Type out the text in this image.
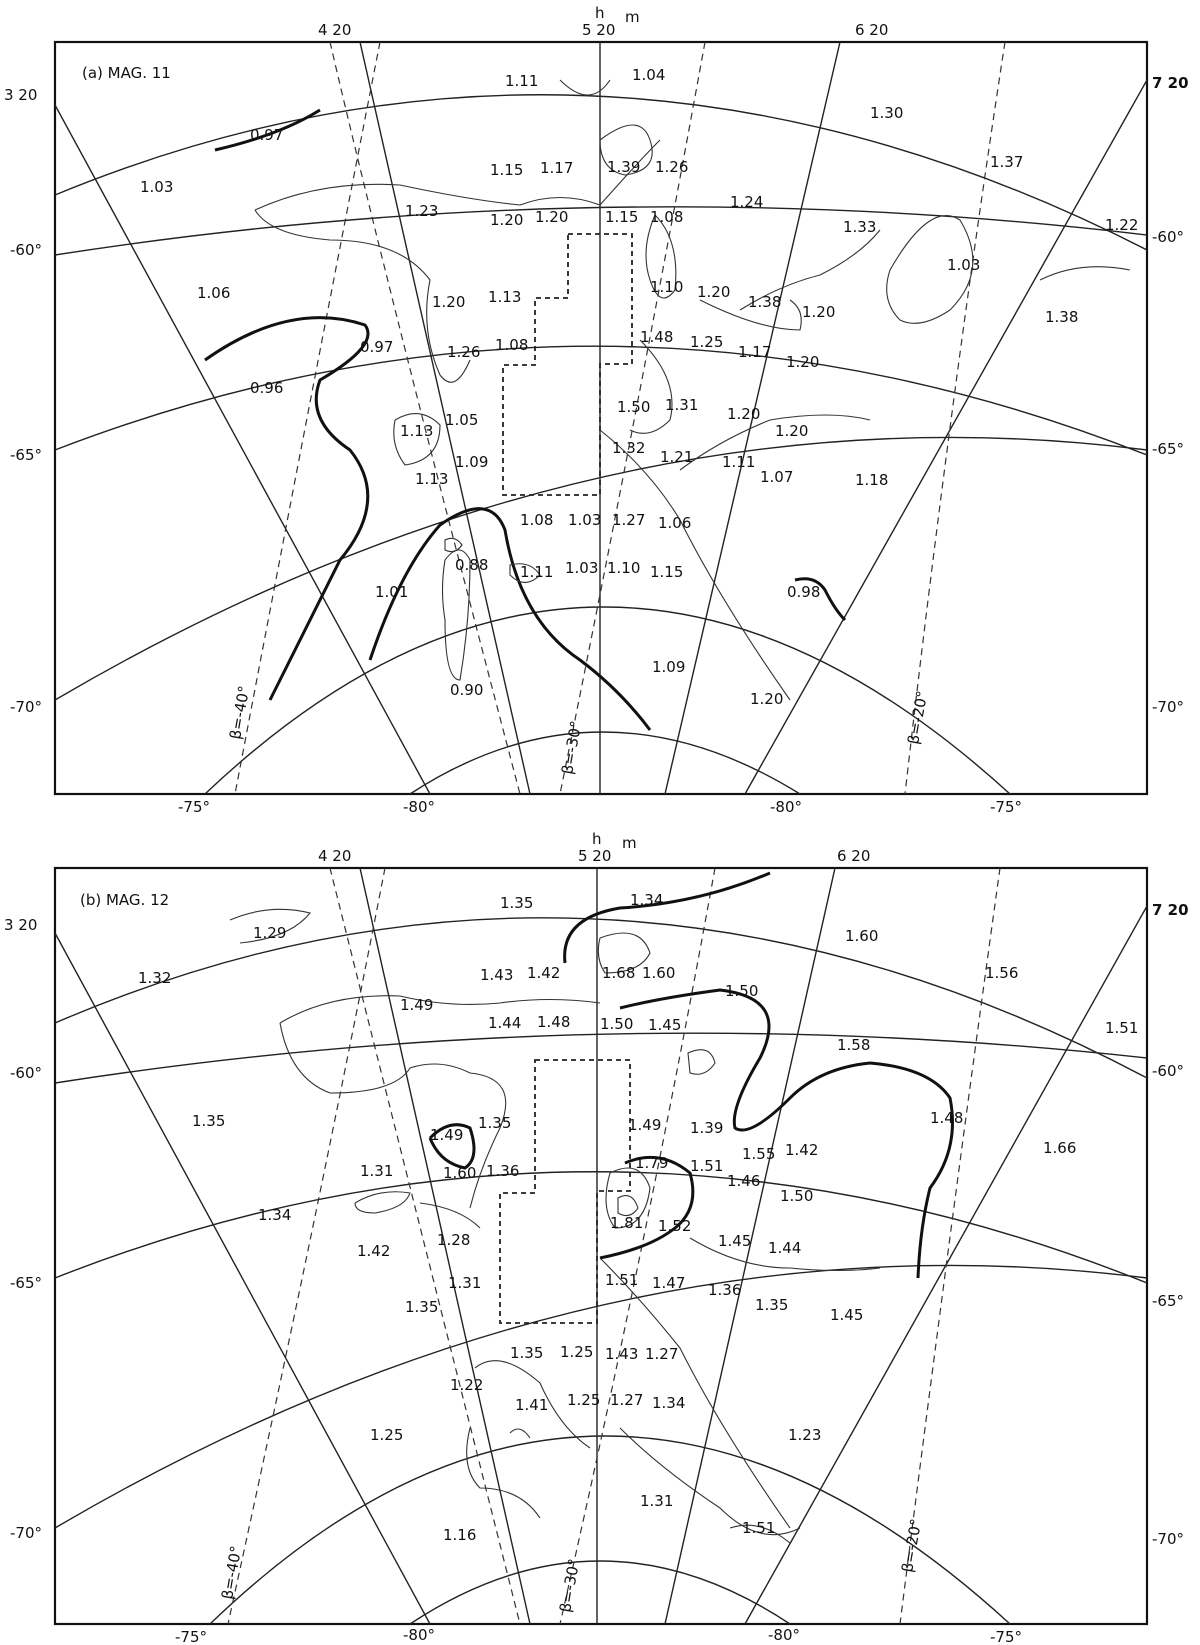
4 20	5 20
h m
6 20
3 20
7 20
-60°
-65°
-70°
-60°
-65°
-70°
-75°	-80°	-80°	-75°
β=-40°
β=-30°
β=-20°
(a) MAG. 11	1.11	1.04
1.30
1.37
1.22
0.97
1.03
1.15 1.17 1.39 1.26
1.24
1.23	1.20 1.20 1.15 1.08
1.33
1.06	1.20 1.13
1.10 1.20
1.38
1.03
1.20	1.38
0.97	1.26 1.08	1.48 1.25
1.17
1.20
0.96
1.05
1.50 1.31 1.20
1.20
1.13
1.09
1.32 1.21 1.11
1.07	1.18
1.13
1.08 1.03 1.27 1.06
0.88 1.11 1.03 1.10 1.15
1.01	0.98
1.09
0.90	1.20
4 20	5 20
h m
6 20
3 20
7 20
-60°
-65°
-70°
-60°
-65°
-70°
-75°	-80°	-80°	-75°
β=-40°	β=-30°
β=-20°
(b) MAG. 12	1.35	1.34
1.60
1.56
1.51
1.29
1.32	1.43 1.42	1.68 1.60
1.49
1.44 1.48 1.50 1.45
1.50
1.58
1.35
1.49
1.35	1.49 1.39
1.48
1.55 1.42	1.66
1.31	1.60 1.36	1.79 1.51
1.46
1.50
1.34	1.81 1.52
1.42
1.28	1.45 1.44
1.31	1.51 1.47 1.36
1.35
1.45
1.35
1.35 1.25 1.43 1.27
1.22
1.41 1.25 1.27 1.34
1.25	1.23
1.31
1.16	1.51
